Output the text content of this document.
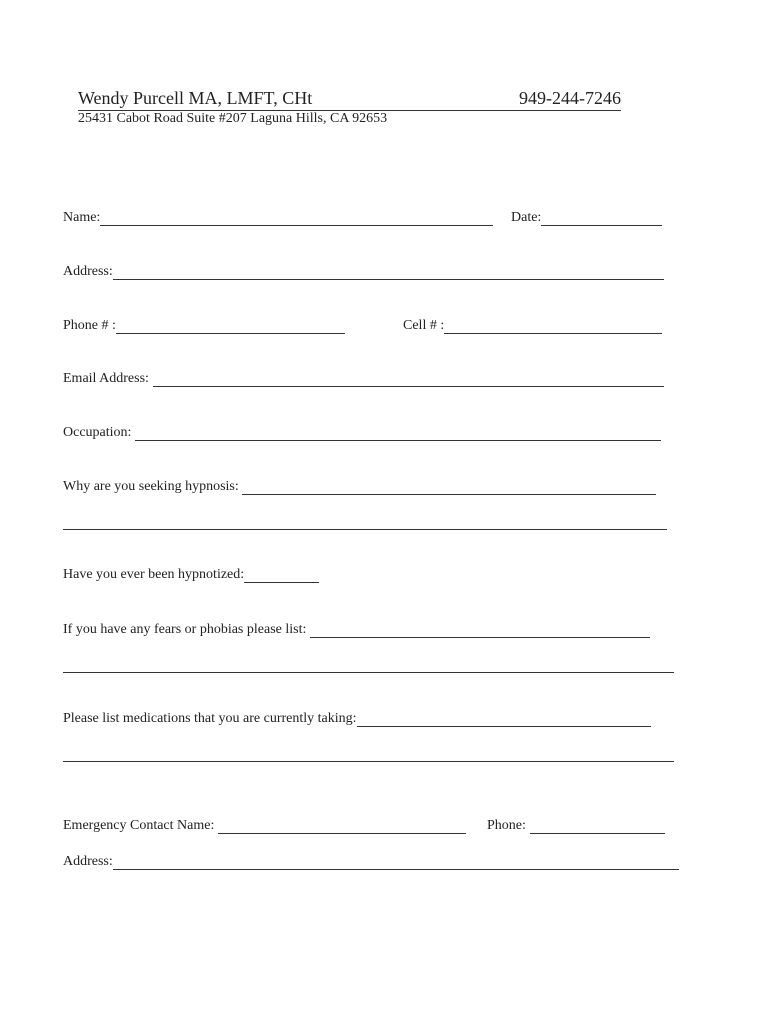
Wendy Purcell MA, LMFT, CHt	949-244-7246
25431 Cabot Road Suite #207 Laguna Hills, CA 92653
Name:	Date:
Address:
Phone # :	Cell # :
Email Address:
Occupation:
Why are you seeking hypnosis:
Have you ever been hypnotized:
If you have any fears or phobias please list:
Please list medications that you are currently taking:
Emergency Contact Name:	Phone:
Address:
